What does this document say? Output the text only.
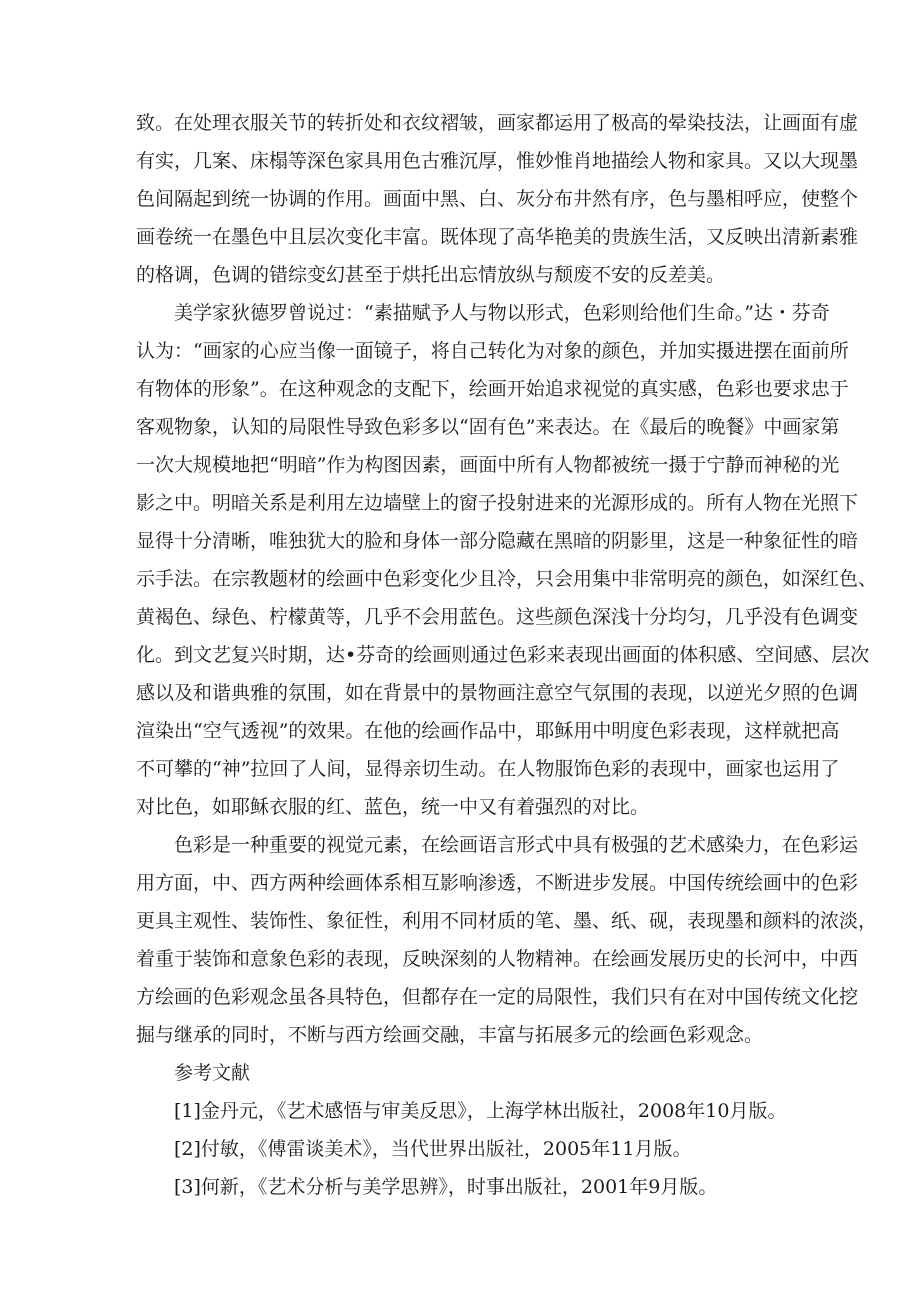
致。在处理衣服关节的转折处和衣纹褶皱，画家都运用了极高的晕染技法，让画面有虚
有实，几案、床榻等深色家具用色古雅沉厚，惟妙惟肖地描绘人物和家具。又以大现墨
色间隔起到统一协调的作用。画面中黑、白、灰分布井然有序，色与墨相呼应，使整个
画卷统一在墨色中且层次变化丰富。既体现了高华艳美的贵族生活，又反映出清新素雅
的格调，色调的错综变幻甚至于烘托出忘情放纵与颓废不安的反差美。
美学家狄德罗曾说过：“素描赋予人与物以形式，色彩则给他们生命。”达・芬奇
认为：“画家的心应当像一面镜子，将自己转化为对象的颜色，并加实摄进摆在面前所
有物体的形象”。在这种观念的支配下，绘画开始追求视觉的真实感，色彩也要求忠于
客观物象，认知的局限性导致色彩多以“固有色”来表达。在《最后的晚餐》中画家第
一次大规模地把“明暗”作为构图因素，画面中所有人物都被统一摄于宁静而神秘的光
影之中。明暗关系是利用左边墙壁上的窗子投射进来的光源形成的。所有人物在光照下
显得十分清晰，唯独犹大的脸和身体一部分隐藏在黑暗的阴影里，这是一种象征性的暗
示手法。在宗教题材的绘画中色彩变化少且冷，只会用集中非常明亮的颜色，如深红色、
黄褐色、绿色、柠檬黄等，几乎不会用蓝色。这些颜色深浅十分均匀，几乎没有色调变
化。到文艺复兴时期，达•芬奇的绘画则通过色彩来表现出画面的体积感、空间感、层次
感以及和谐典雅的氛围，如在背景中的景物画注意空气氛围的表现，以逆光夕照的色调
渲染出“空气透视”的效果。在他的绘画作品中，耶稣用中明度色彩表现，这样就把高
不可攀的“神”拉回了人间，显得亲切生动。在人物服饰色彩的表现中，画家也运用了
对比色，如耶稣衣服的红、蓝色，统一中又有着强烈的对比。
色彩是一种重要的视觉元素，在绘画语言形式中具有极强的艺术感染力，在色彩运
用方面，中、西方两种绘画体系相互影响渗透，不断进步发展。中国传统绘画中的色彩
更具主观性、装饰性、象征性，利用不同材质的笔、墨、纸、砚，表现墨和颜料的浓淡，
着重于装饰和意象色彩的表现，反映深刻的人物精神。在绘画发展历史的长河中，中西
方绘画的色彩观念虽各具特色，但都存在一定的局限性，我们只有在对中国传统文化挖
掘与继承的同时，不断与西方绘画交融，丰富与拓展多元的绘画色彩观念。
参考文献
[1]金丹元，《艺术感悟与审美反思》，上海学林出版社，2008年10月版。
[2]付敏，《傅雷谈美术》，当代世界出版社，2005年11月版。
[3]何新，《艺术分析与美学思辨》，时事出版社，2001年9月版。
